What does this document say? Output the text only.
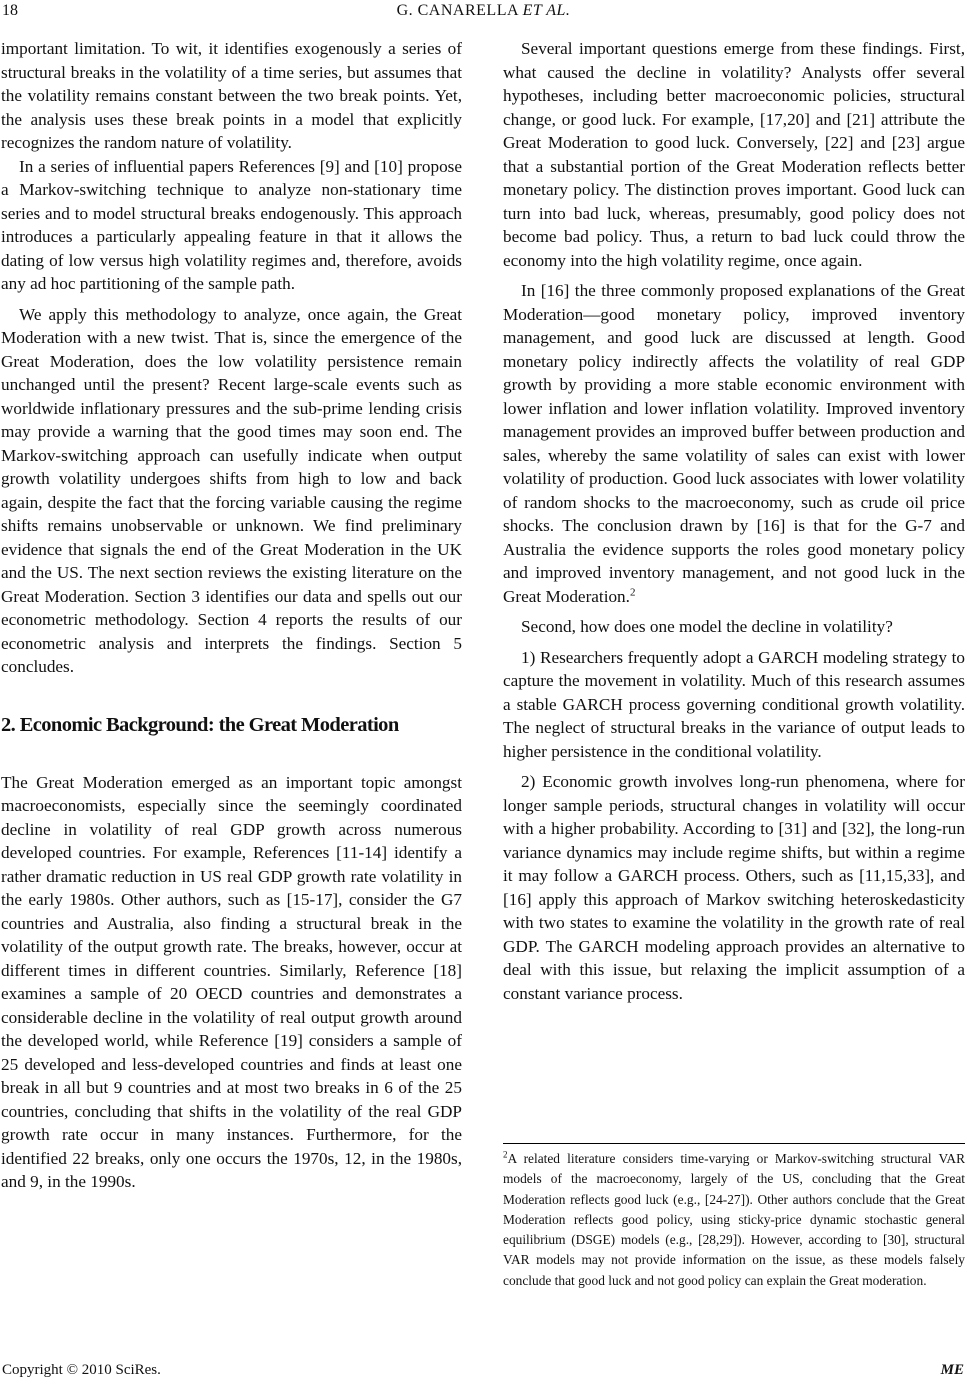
18	G. CANARELLA ET AL.

important limitation. To wit, it identifies exogenously a series of structural breaks in the volatility of a time series, but assumes that the volatility remains constant between the two break points. Yet, the analysis uses these break points in a model that explicitly recognizes the random nature of volatility.

In a series of influential papers References [9] and [10] propose a Markov-switching technique to analyze non-stationary time series and to model structural breaks endogenously. This approach introduces a particularly appealing feature in that it allows the dating of low versus high volatility regimes and, therefore, avoids any ad hoc partitioning of the sample path.

We apply this methodology to analyze, once again, the Great Moderation with a new twist. That is, since the emergence of the Great Moderation, does the low volatility persistence remain unchanged until the present? Recent large-scale events such as worldwide inflationary pressures and the sub-prime lending crisis may provide a warning that the good times may soon end. The Markov-switching approach can usefully indicate when output growth volatility undergoes shifts from high to low and back again, despite the fact that the forcing variable causing the regime shifts remains unobservable or unknown. We find preliminary evidence that signals the end of the Great Moderation in the UK and the US. The next section reviews the existing literature on the Great Moderation. Section 3 identifies our data and spells out our econometric methodology. Section 4 reports the results of our econometric analysis and interprets the findings. Section 5 concludes.

2. Economic Background: the Great Moderation

The Great Moderation emerged as an important topic amongst macroeconomists, especially since the seemingly coordinated decline in volatility of real GDP growth across numerous developed countries. For example, References [11-14] identify a rather dramatic reduction in US real GDP growth rate volatility in the early 1980s. Other authors, such as [15-17], consider the G7 countries and Australia, also finding a structural break in the volatility of the output growth rate. The breaks, however, occur at different times in different countries. Similarly, Reference [18] examines a sample of 20 OECD countries and demonstrates a considerable decline in the volatility of real output growth around the developed world, while Reference [19] considers a sample of 25 developed and less-developed countries and finds at least one break in all but 9 countries and at most two breaks in 6 of the 25 countries, concluding that shifts in the volatility of the real GDP growth rate occur in many instances. Furthermore, for the identified 22 breaks, only one occurs the 1970s, 12, in the 1980s, and 9, in the 1990s.

Several important questions emerge from these findings. First, what caused the decline in volatility? Analysts offer several hypotheses, including better macroeconomic policies, structural change, or good luck. For example, [17,20] and [21] attribute the Great Moderation to good luck. Conversely, [22] and [23] argue that a substantial portion of the Great Moderation reflects better monetary policy. The distinction proves important. Good luck can turn into bad luck, whereas, presumably, good policy does not become bad policy. Thus, a return to bad luck could throw the economy into the high volatility regime, once again.

In [16] the three commonly proposed explanations of the Great Moderation—good monetary policy, improved inventory management, and good luck are discussed at length. Good monetary policy indirectly affects the volatility of real GDP growth by providing a more stable economic environment with lower inflation and lower inflation volatility. Improved inventory management provides an improved buffer between production and sales, whereby the same volatility of sales can exist with lower volatility of production. Good luck associates with lower volatility of random shocks to the macroeconomy, such as crude oil price shocks. The conclusion drawn by [16] is that for the G-7 and Australia the evidence supports the roles good monetary policy and improved inventory management, and not good luck in the Great Moderation.$^2$

Second, how does one model the decline in volatility?

1) Researchers frequently adopt a GARCH modeling strategy to capture the movement in volatility. Much of this research assumes a stable GARCH process governing conditional growth volatility. The neglect of structural breaks in the variance of output leads to higher persistence in the conditional volatility.

2) Economic growth involves long-run phenomena, where for longer sample periods, structural changes in volatility will occur with a higher probability. According to [31] and [32], the long-run variance dynamics may include regime shifts, but within a regime it may follow a GARCH process. Others, such as [11,15,33], and [16] apply this approach of Markov switching heteroskedasticity with two states to examine the volatility in the growth rate of real GDP. The GARCH modeling approach provides an alternative to deal with this issue, but relaxing the implicit assumption of a constant variance process.

$^2$A related literature considers time-varying or Markov-switching structural VAR models of the macroeconomy, largely of the US, concluding that the Great Moderation reflects good luck (e.g., [24-27]). Other authors conclude that the Great Moderation reflects good policy, using sticky-price dynamic stochastic general equilibrium (DSGE) models (e.g., [28,29]). However, according to [30], structural VAR models may not provide information on the issue, as these models falsely conclude that good luck and not good policy can explain the Great moderation.
Copyright © 2010 SciRes.	ME
